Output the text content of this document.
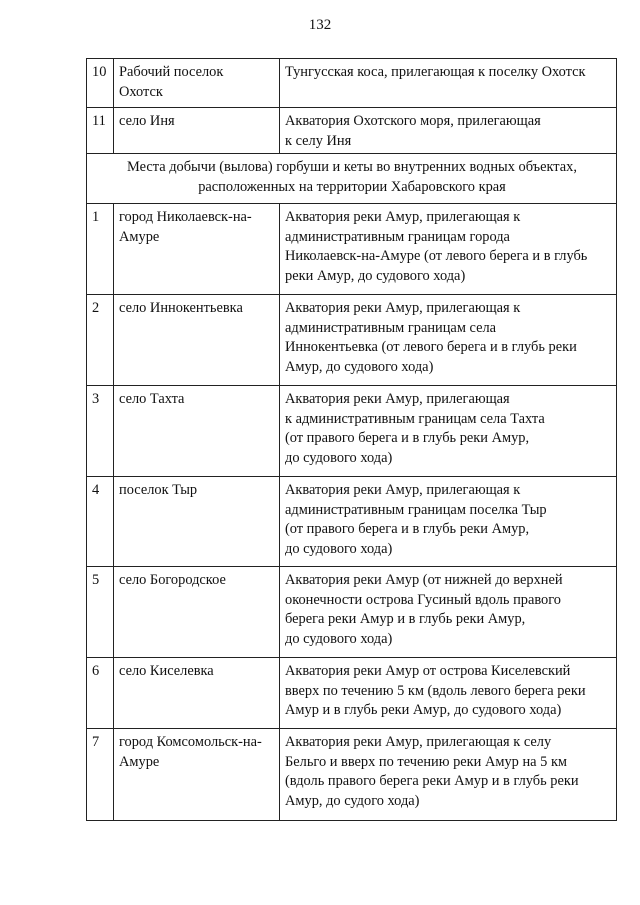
132
10	Рабочий поселок
Охотск	Тунгусская коса, прилегающая к поселку Охотск
11	село Иня	Акватория Охотского моря, прилегающая
к селу Иня
Места добычи (вылова) горбуши и кеты во внутренних водных объектах,
расположенных на территории Хабаровского края		
1	город Николаевск-на-
Амуре	Акватория реки Амур, прилегающая к
административным границам города
Николаевск-на-Амуре (от левого берега и в глубь
реки Амур, до судового хода)
2	село Иннокентьевка	Акватория реки Амур, прилегающая к
административным границам села
Иннокентьевка (от левого берега и в глубь реки
Амур, до судового хода)
3	село Тахта	Акватория реки Амур, прилегающая
к административным границам села Тахта
(от правого берега и в глубь реки Амур,
до судового хода)
4	поселок Тыр	Акватория реки Амур, прилегающая к
административным границам поселка Тыр
(от правого берега и в глубь реки Амур,
до судового хода)
5	село Богородское	Акватория реки Амур (от нижней до верхней
оконечности острова Гусиный вдоль правого
берега реки Амур и в глубь реки Амур,
до судового хода)
6	село Киселевка	Акватория реки Амур от острова Киселевский
вверх по течению 5 км (вдоль левого берега реки
Амур и в глубь реки Амур, до судового хода)
7	город Комсомольск-на-
Амуре	Акватория реки Амур, прилегающая к селу
Бельго и вверх по течению реки Амур на 5 км
(вдоль правого берега реки Амур и в глубь реки
Амур, до судого хода)
